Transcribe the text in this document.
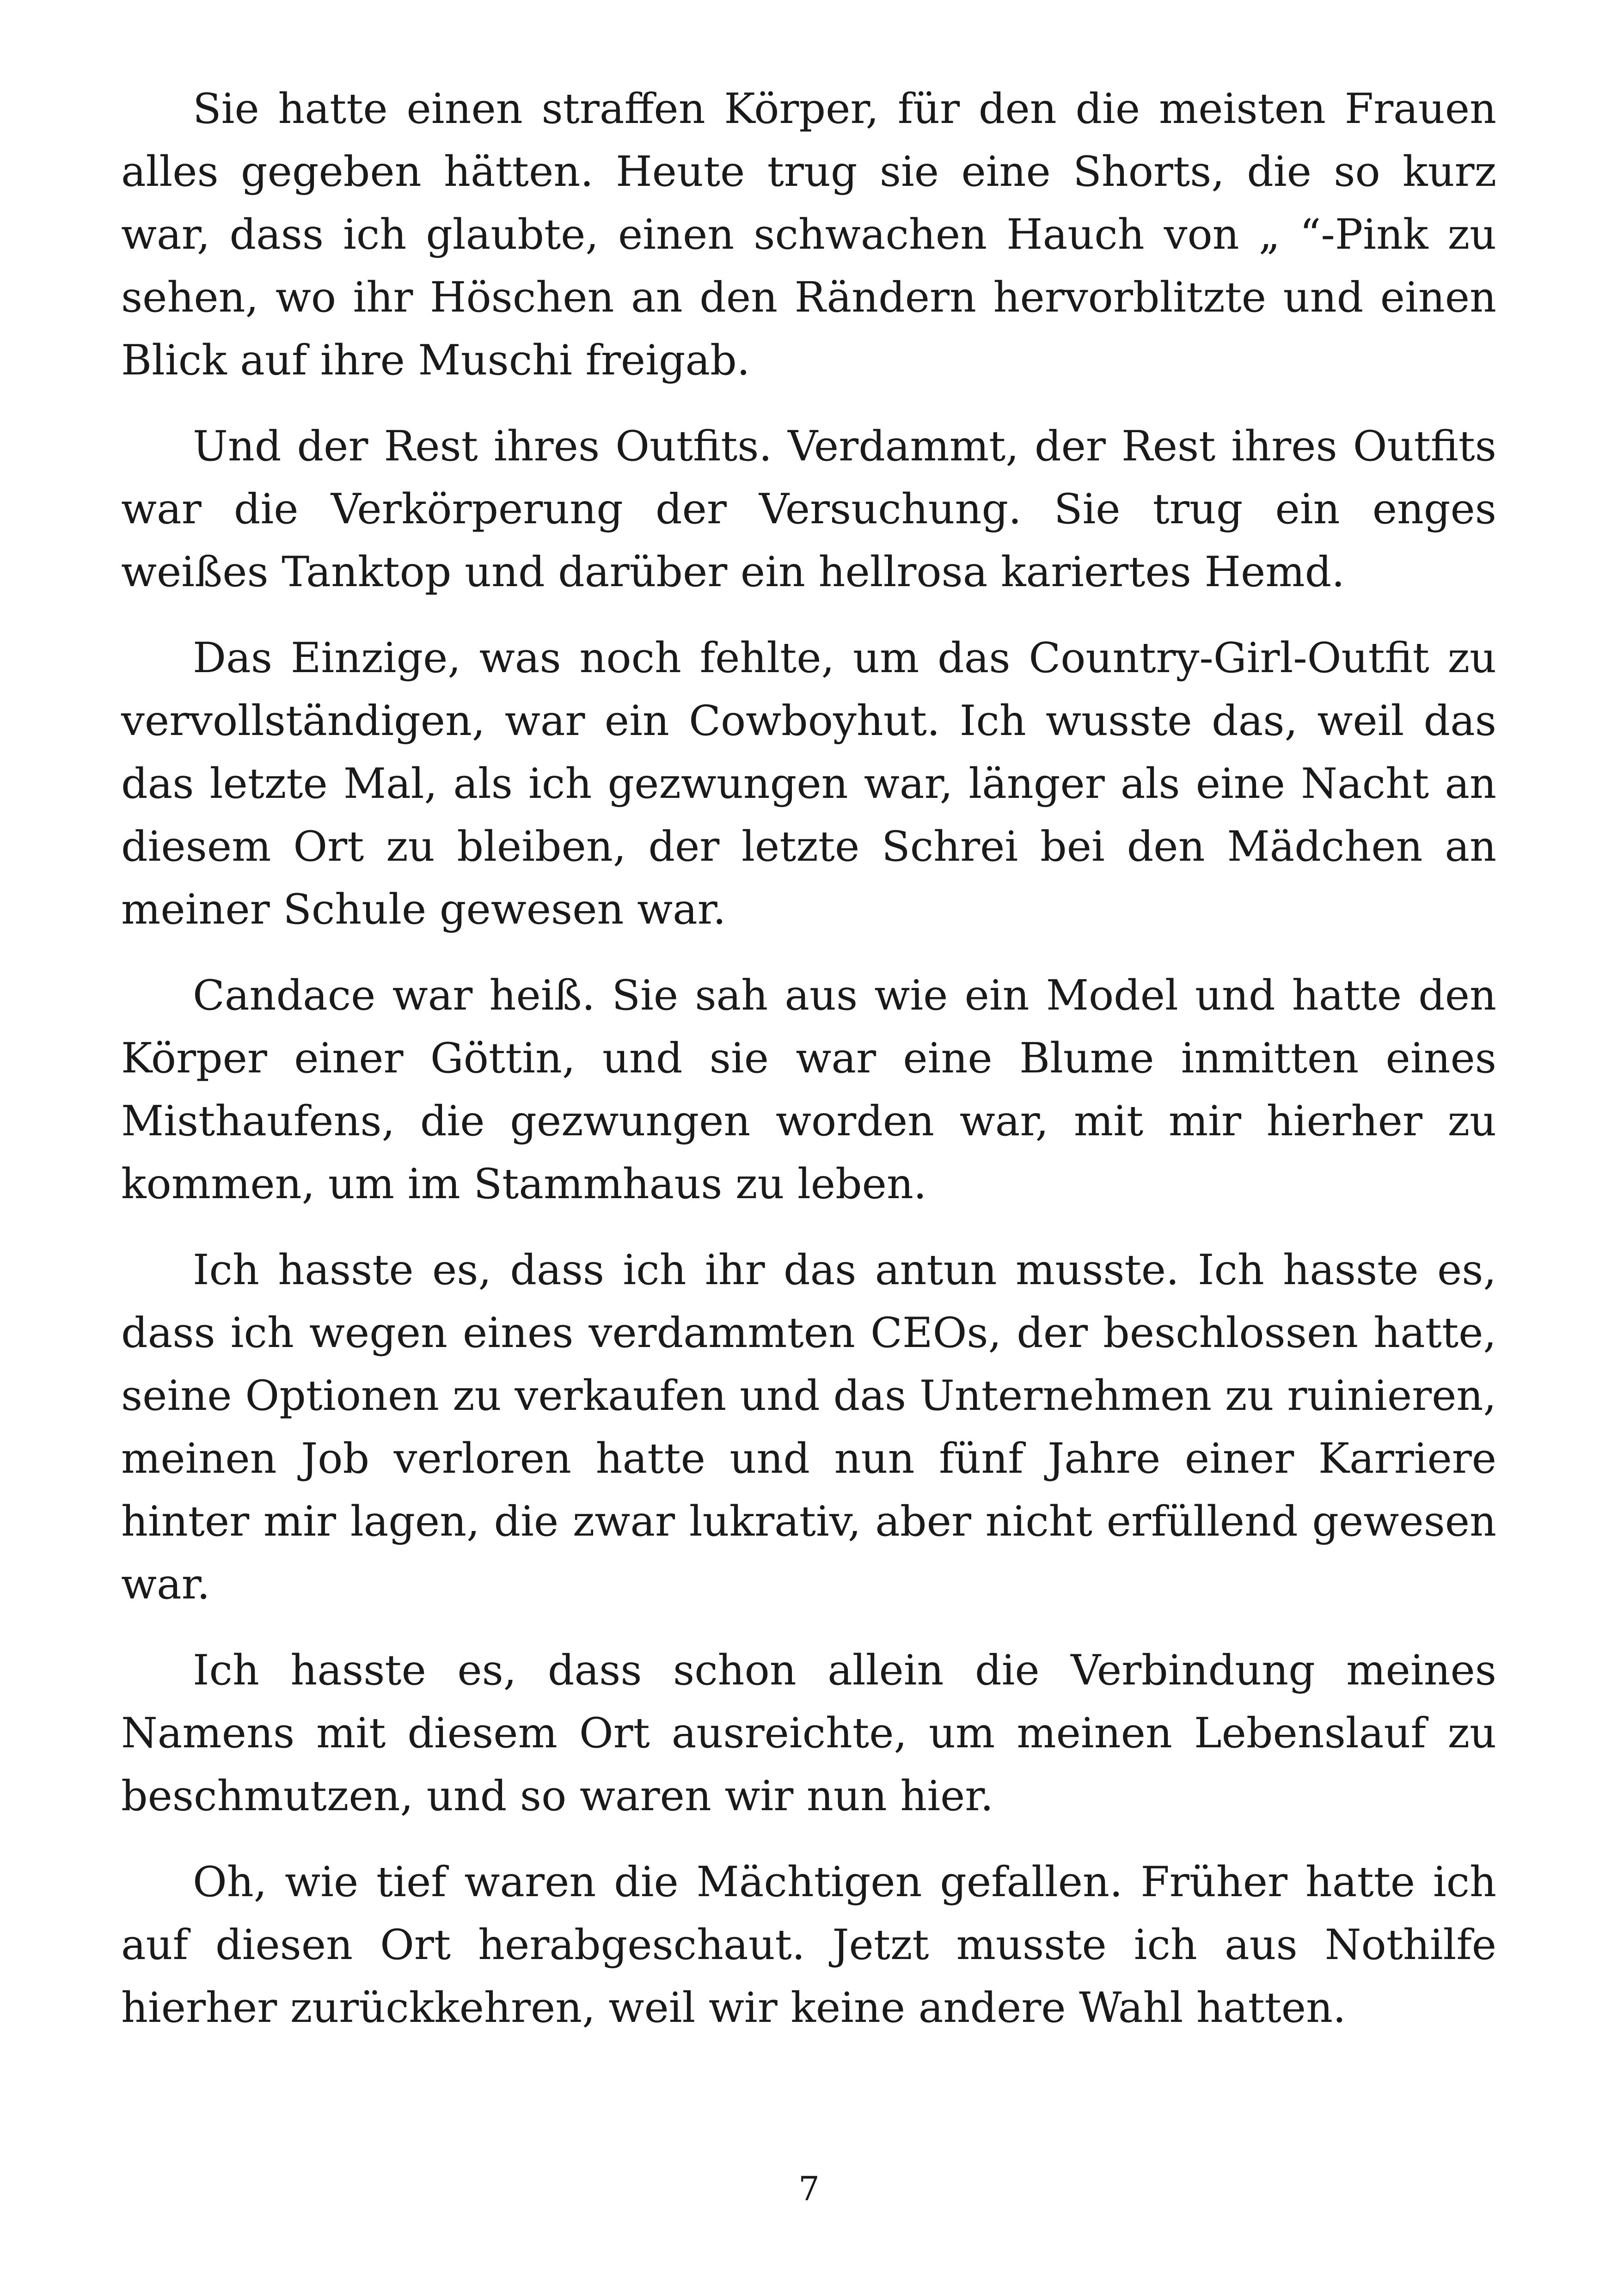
Sie hatte einen straffen Körper, für den die meisten Frauen alles gegeben hätten. Heute trug sie eine Shorts, die so kurz war, dass ich glaubte, einen schwachen Hauch von „ “-Pink zu sehen, wo ihr Höschen an den Rändern hervorblitzte und einen Blick auf ihre Muschi freigab.

Und der Rest ihres Outfits. Verdammt, der Rest ihres Outfits war die Verkörperung der Versuchung. Sie trug ein enges weißes Tanktop und darüber ein hellrosa kariertes Hemd.

Das Einzige, was noch fehlte, um das Country-Girl-Outfit zu vervollständigen, war ein Cowboyhut. Ich wusste das, weil das das letzte Mal, als ich gezwungen war, länger als eine Nacht an diesem Ort zu bleiben, der letzte Schrei bei den Mädchen an meiner Schule gewesen war.

Candace war heiß. Sie sah aus wie ein Model und hatte den Körper einer Göttin, und sie war eine Blume inmitten eines Misthaufens, die gezwungen worden war, mit mir hierher zu kommen, um im Stammhaus zu leben.

Ich hasste es, dass ich ihr das antun musste. Ich hasste es, dass ich wegen eines verdammten CEOs, der beschlossen hatte, seine Optionen zu verkaufen und das Unternehmen zu ruinieren, meinen Job verloren hatte und nun fünf Jahre einer Karriere hinter mir lagen, die zwar lukrativ, aber nicht erfüllend gewesen war.

Ich hasste es, dass schon allein die Verbindung meines Namens mit diesem Ort ausreichte, um meinen Lebenslauf zu beschmutzen, und so waren wir nun hier.

Oh, wie tief waren die Mächtigen gefallen. Früher hatte ich auf diesen Ort herabgeschaut. Jetzt musste ich aus Nothilfe hierher zurückkehren, weil wir keine andere Wahl hatten.

7
